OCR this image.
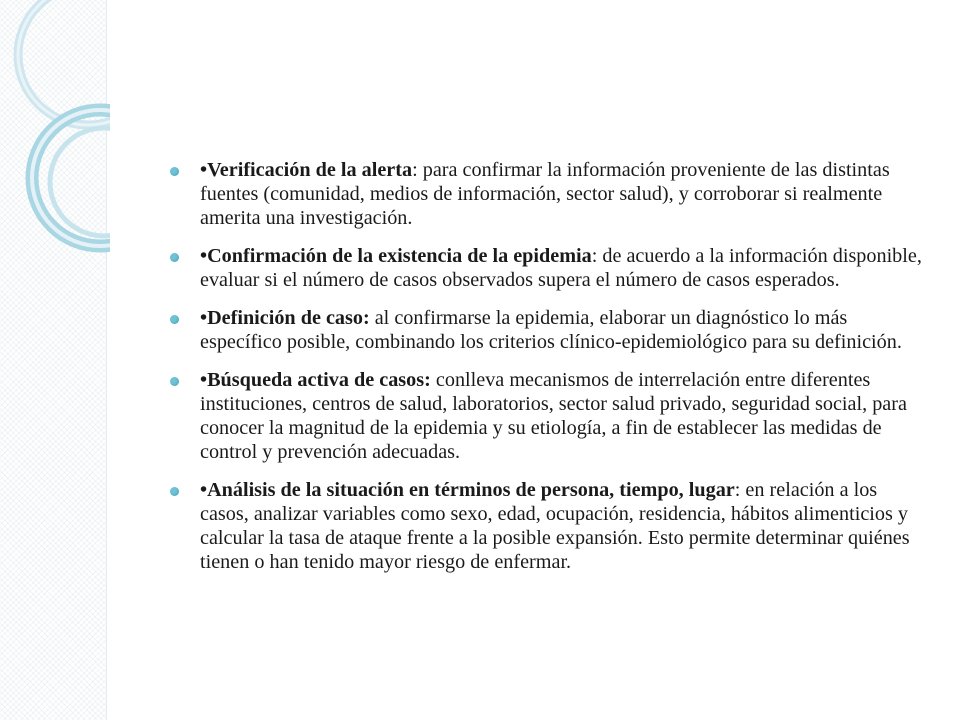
•Verificación de la alerta: para confirmar la información proveniente de las distintas fuentes (comunidad, medios de información, sector salud), y corroborar si realmente amerita una investigación.
•Confirmación de la existencia de la epidemia: de acuerdo a la información disponible, evaluar si el número de casos observados supera el número de casos esperados.
•Definición de caso: al confirmarse la epidemia, elaborar un diagnóstico lo más específico posible, combinando los criterios clínico-epidemiológico para su definición.
•Búsqueda activa de casos: conlleva mecanismos de interrelación entre diferentes instituciones, centros de salud, laboratorios, sector salud privado, seguridad social, para conocer la magnitud de la epidemia y su etiología, a fin de establecer las medidas de control y prevención adecuadas.
•Análisis de la situación en términos de persona, tiempo, lugar: en relación a los casos, analizar variables como sexo, edad, ocupación, residencia, hábitos alimenticios y calcular la tasa de ataque frente a la posible expansión. Esto permite determinar quiénes tienen o han tenido mayor riesgo de enfermar.
